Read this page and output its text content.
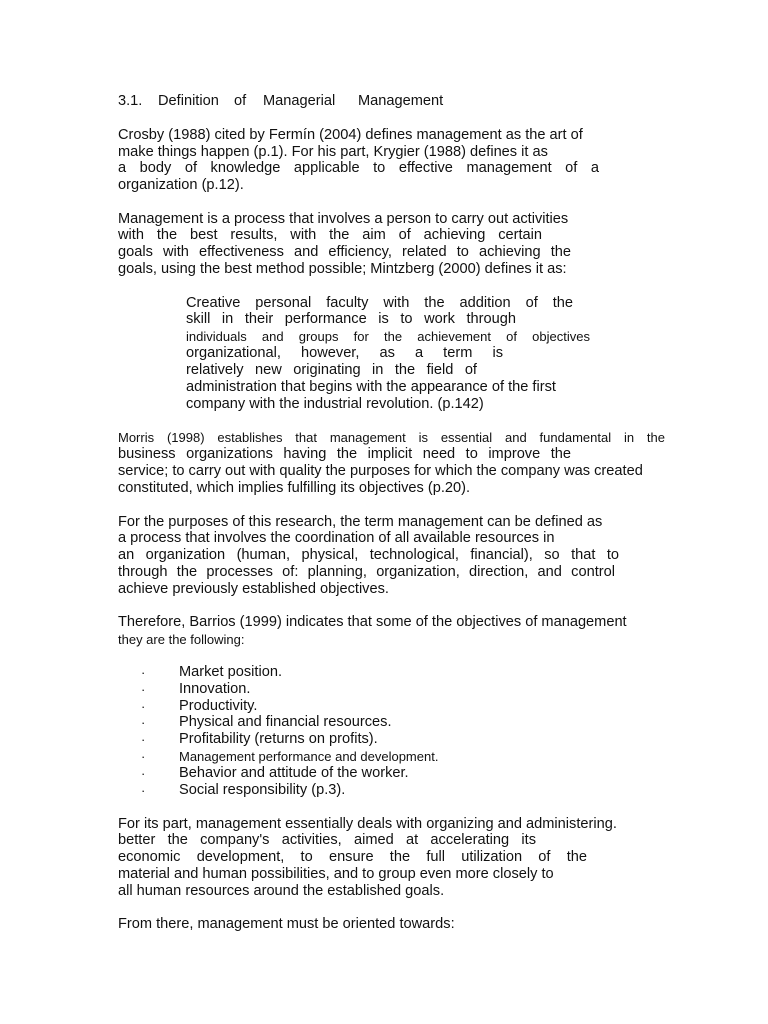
3.1. Definition of Managerial Management
Crosby (1988) cited by Fermín (2004) defines management as the art of
make things happen (p.1). For his part, Krygier (1988) defines it as
a body of knowledge applicable to effective management of a
organization (p.12).
Management is a process that involves a person to carry out activities
with the best results, with the aim of achieving certain
goals with effectiveness and efficiency, related to achieving the
goals, using the best method possible; Mintzberg (2000) defines it as:
Creative personal faculty with the addition of the
skill in their performance is to work through
individuals and groups for the achievement of objectives
organizational, however, as a term is
relatively new originating in the field of
administration that begins with the appearance of the first
company with the industrial revolution. (p.142)
Morris (1998) establishes that management is essential and fundamental in the
business organizations having the implicit need to improve the
service; to carry out with quality the purposes for which the company was created
constituted, which implies fulfilling its objectives (p.20).
For the purposes of this research, the term management can be defined as
a process that involves the coordination of all available resources in
an organization (human, physical, technological, financial), so that to
through the processes of: planning, organization, direction, and control
achieve previously established objectives.
Therefore, Barrios (1999) indicates that some of the objectives of management
they are the following:
· Market position.
· Innovation.
· Productivity.
· Physical and financial resources.
· Profitability (returns on profits).
·	Management performance and development.
· Behavior and attitude of the worker.
· Social responsibility (p.3).
For its part, management essentially deals with organizing and administering.
better the company's activities, aimed at accelerating its
economic development, to ensure the full utilization of the
material and human possibilities, and to group even more closely to
all human resources around the established goals.
From there, management must be oriented towards:
